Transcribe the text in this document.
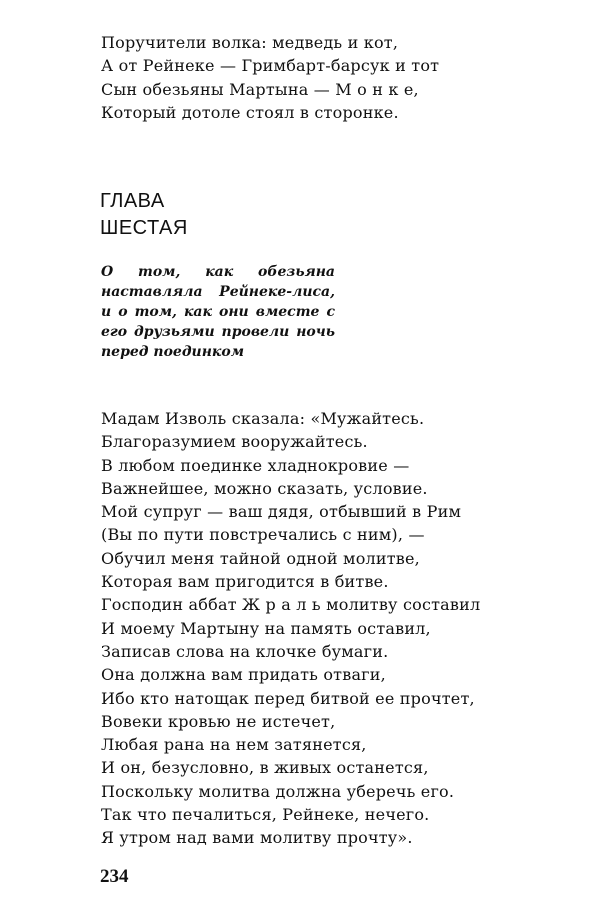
Поручители волка: медведь и кот,
А от Рейнеке — Гримбарт-барсук и тот
Сын обезьяны Мартына — М о н к е,
Который дотоле стоял в сторонке.
ГЛАВА
ШЕСТАЯ
О том, как обезьяна наставляла Рейнеке-лиса, и о том, как они вместе с его друзьями провели ночь перед поединком
Мадам Изволь сказала: «Мужайтесь.
Благоразумием вооружайтесь.
В любом поединке хладнокровие —
Важнейшее, можно сказать, условие.
Мой супруг — ваш дядя, отбывший в Рим
(Вы по пути повстречались с ним), —
Обучил меня тайной одной молитве,
Которая вам пригодится в битве.
Господин аббат Ж р а л ь молитву составил
И моему Мартыну на память оставил,
Записав слова на клочке бумаги.
Она должна вам придать отваги,
Ибо кто натощак перед битвой ее прочтет,
Вовеки кровью не истечет,
Любая рана на нем затянется,
И он, безусловно, в живых останется,
Поскольку молитва должна уберечь его.
Так что печалиться, Рейнеке, нечего.
Я утром над вами молитву прочту».
234
